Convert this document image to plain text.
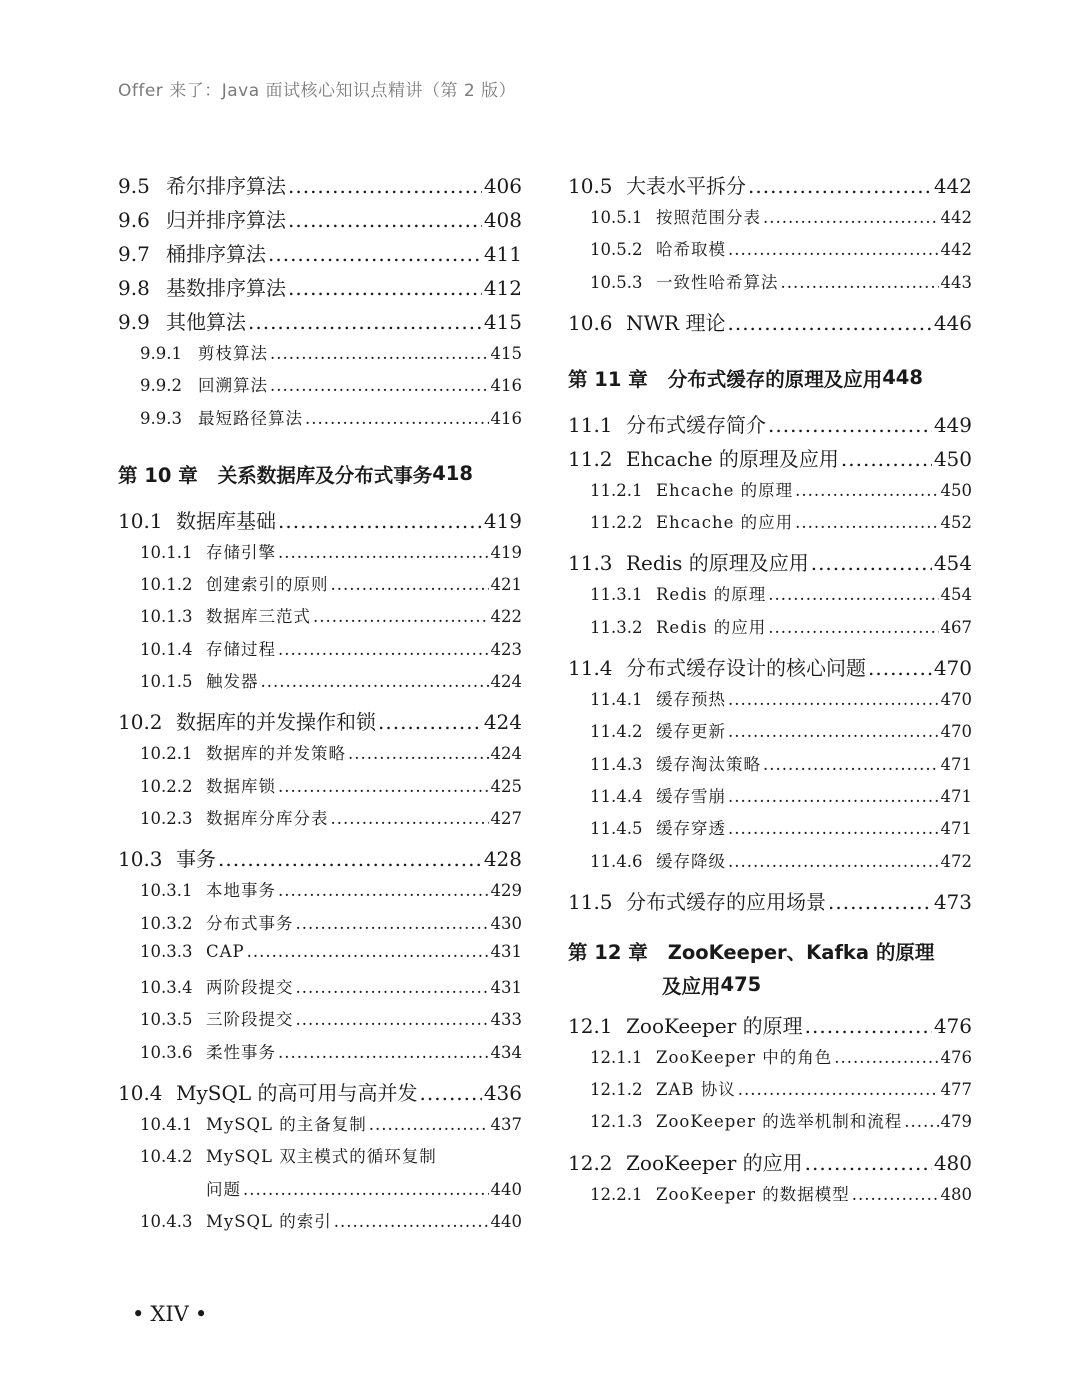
Offer 来了：Java 面试核心知识点精讲（第 2 版）
9.5 希尔排序算法 .....	406
9.6 归并排序算法 .....	408
9.7 桶排序算法 .....	411
9.8 基数排序算法 .....	412
9.9 其他算法 .....	415
9.9.1 剪枝算法 .....	415
9.9.2 回溯算法 .....	416
9.9.3 最短路径算法 .....	416
第 10 章 关系数据库及分布式事务 418
10.1 数据库基础 .....	419
10.1.1 存储引擎 .....	419
10.1.2 创建索引的原则 .....	421
10.1.3 数据库三范式 .....	422
10.1.4 存储过程 .....	423
10.1.5 触发器 .....	424
10.2 数据库的并发操作和锁 .....	424
10.2.1 数据库的并发策略 .....	424
10.2.2 数据库锁 .....	425
10.2.3 数据库分库分表 .....	427
10.3 事务 .....	428
10.3.1 本地事务 .....	429
10.3.2 分布式事务 .....	430
10.3.3 CAP .....	431
10.3.4 两阶段提交 .....	431
10.3.5 三阶段提交 .....	433
10.3.6 柔性事务 .....	434
10.4 MySQL 的高可用与高并发 .....	436
10.4.1 MySQL 的主备复制 .....	437
10.4.2 MySQL 双主模式的循环复制
问题 .....	440
10.4.3 MySQL 的索引 .....	440
10.5 大表水平拆分 .....	442
10.5.1 按照范围分表 .....	442
10.5.2 哈希取模 .....	442
10.5.3 一致性哈希算法 .....	443
10.6 NWR 理论 .....	446
第 11 章 分布式缓存的原理及应用 448
11.1 分布式缓存简介 .....	449
11.2 Ehcache 的原理及应用 .....	450
11.2.1 Ehcache 的原理 .....	450
11.2.2 Ehcache 的应用 .....	452
11.3 Redis 的原理及应用 .....	454
11.3.1 Redis 的原理 .....	454
11.3.2 Redis 的应用 .....	467
11.4 分布式缓存设计的核心问题 .....	470
11.4.1 缓存预热 .....	470
11.4.2 缓存更新 .....	470
11.4.3 缓存淘汰策略 .....	471
11.4.4 缓存雪崩 .....	471
11.4.5 缓存穿透 .....	471
11.4.6 缓存降级 .....	472
11.5 分布式缓存的应用场景 .....	473
第 12 章 ZooKeeper、Kafka 的原理
及应用 475
12.1 ZooKeeper 的原理 .....	476
12.1.1 ZooKeeper 中的角色 .....	476
12.1.2 ZAB 协议 .....	477
12.1.3 ZooKeeper 的选举机制和流程 ..... 479
12.2 ZooKeeper 的应用 .....	480
12.2.1 ZooKeeper 的数据模型 .....	480
• XIV •
